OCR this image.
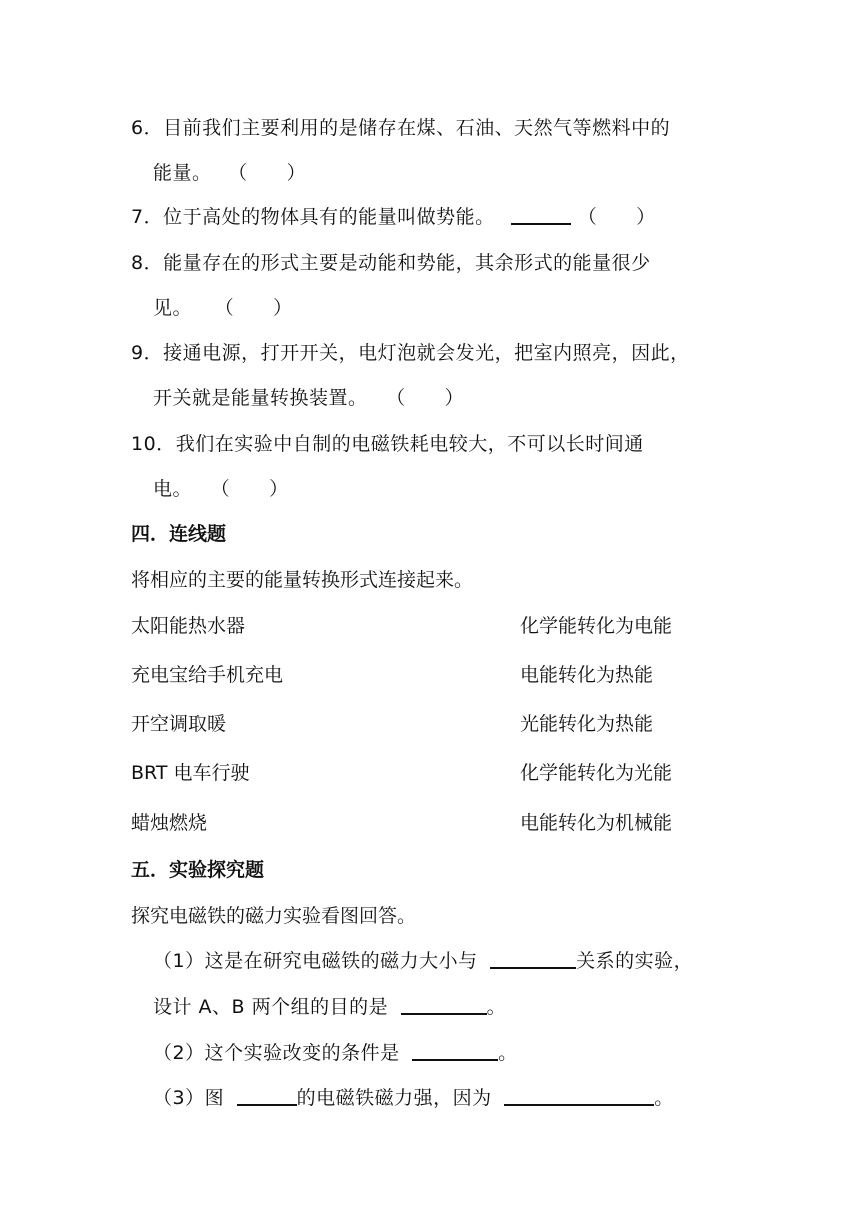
6．目前我们主要利用的是储存在煤、石油、天然气等燃料中的
能量。 （　　）
7．位于高处的物体具有的能量叫做势能。	（　　）
8．能量存在的形式主要是动能和势能，其余形式的能量很少
见。 （　　）
9．接通电源，打开开关，电灯泡就会发光，把室内照亮，因此，
开关就是能量转换装置。 （　　）
10．我们在实验中自制的电磁铁耗电较大，不可以长时间通
电。 （　　）
四．连线题
将相应的主要的能量转换形式连接起来。
太阳能热水器	化学能转化为电能
充电宝给手机充电	电能转化为热能
开空调取暖	光能转化为热能
BRT 电车行驶	化学能转化为光能
蜡烛燃烧	电能转化为机械能
五．实验探究题
探究电磁铁的磁力实验看图回答。
（1）这是在研究电磁铁的磁力大小与	关系的实验，
设计 A、B 两个组的目的是	。
（2）这个实验改变的条件是	。
（3）图	的电磁铁磁力强，因为	。
